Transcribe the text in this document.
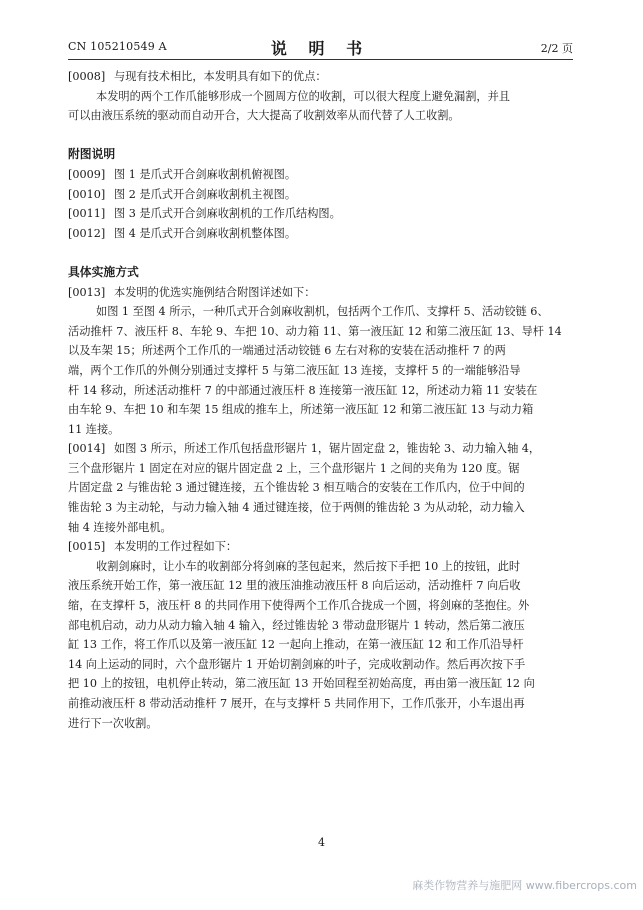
CN 105210549 A	说 明 书	2/2 页
[0008] 与现有技术相比，本发明具有如下的优点：
本发明的两个工作爪能够形成一个圆周方位的收割，可以很大程度上避免漏割，并且
可以由液压系统的驱动而自动开合，大大提高了收割效率从而代替了人工收割。
附图说明
[0009] 图 1 是爪式开合剑麻收割机俯视图。
[0010] 图 2 是爪式开合剑麻收割机主视图。
[0011] 图 3 是爪式开合剑麻收割机的工作爪结构图。
[0012] 图 4 是爪式开合剑麻收割机整体图。
具体实施方式
[0013] 本发明的优选实施例结合附图详述如下：
如图 1 至图 4 所示，一种爪式开合剑麻收割机，包括两个工作爪、支撑杆 5、活动铰链 6、
活动推杆 7、液压杆 8、车轮 9、车把 10、动力箱 11、第一液压缸 12 和第二液压缸 13、导杆 14
以及车架 15；所述两个工作爪的一端通过活动铰链 6 左右对称的安装在活动推杆 7 的两
端，两个工作爪的外侧分别通过支撑杆 5 与第二液压缸 13 连接，支撑杆 5 的一端能够沿导
杆 14 移动，所述活动推杆 7 的中部通过液压杆 8 连接第一液压缸 12，所述动力箱 11 安装在
由车轮 9、车把 10 和车架 15 组成的推车上，所述第一液压缸 12 和第二液压缸 13 与动力箱
11 连接。
[0014] 如图 3 所示，所述工作爪包括盘形锯片 1，锯片固定盘 2，锥齿轮 3、动力输入轴 4，
三个盘形锯片 1 固定在对应的锯片固定盘 2 上，三个盘形锯片 1 之间的夹角为 120 度。锯
片固定盘 2 与锥齿轮 3 通过键连接，五个锥齿轮 3 相互啮合的安装在工作爪内，位于中间的
锥齿轮 3 为主动轮，与动力输入轴 4 通过键连接，位于两侧的锥齿轮 3 为从动轮，动力输入
轴 4 连接外部电机。
[0015] 本发明的工作过程如下：
收割剑麻时，让小车的收割部分将剑麻的茎包起来，然后按下手把 10 上的按钮，此时
液压系统开始工作，第一液压缸 12 里的液压油推动液压杆 8 向后运动，活动推杆 7 向后收
缩，在支撑杆 5，液压杆 8 的共同作用下使得两个工作爪合拢成一个圆，将剑麻的茎抱住。外
部电机启动，动力从动力输入轴 4 输入，经过锥齿轮 3 带动盘形锯片 1 转动，然后第二液压
缸 13 工作，将工作爪以及第一液压缸 12 一起向上推动，在第一液压缸 12 和工作爪沿导杆
14 向上运动的同时，六个盘形锯片 1 开始切割剑麻的叶子，完成收割动作。然后再次按下手
把 10 上的按钮，电机停止转动，第二液压缸 13 开始回程至初始高度，再由第一液压缸 12 向
前推动液压杆 8 带动活动推杆 7 展开，在与支撑杆 5 共同作用下，工作爪张开，小车退出再
进行下一次收割。
4
麻类作物营养与施肥网 www.fibercrops.com
